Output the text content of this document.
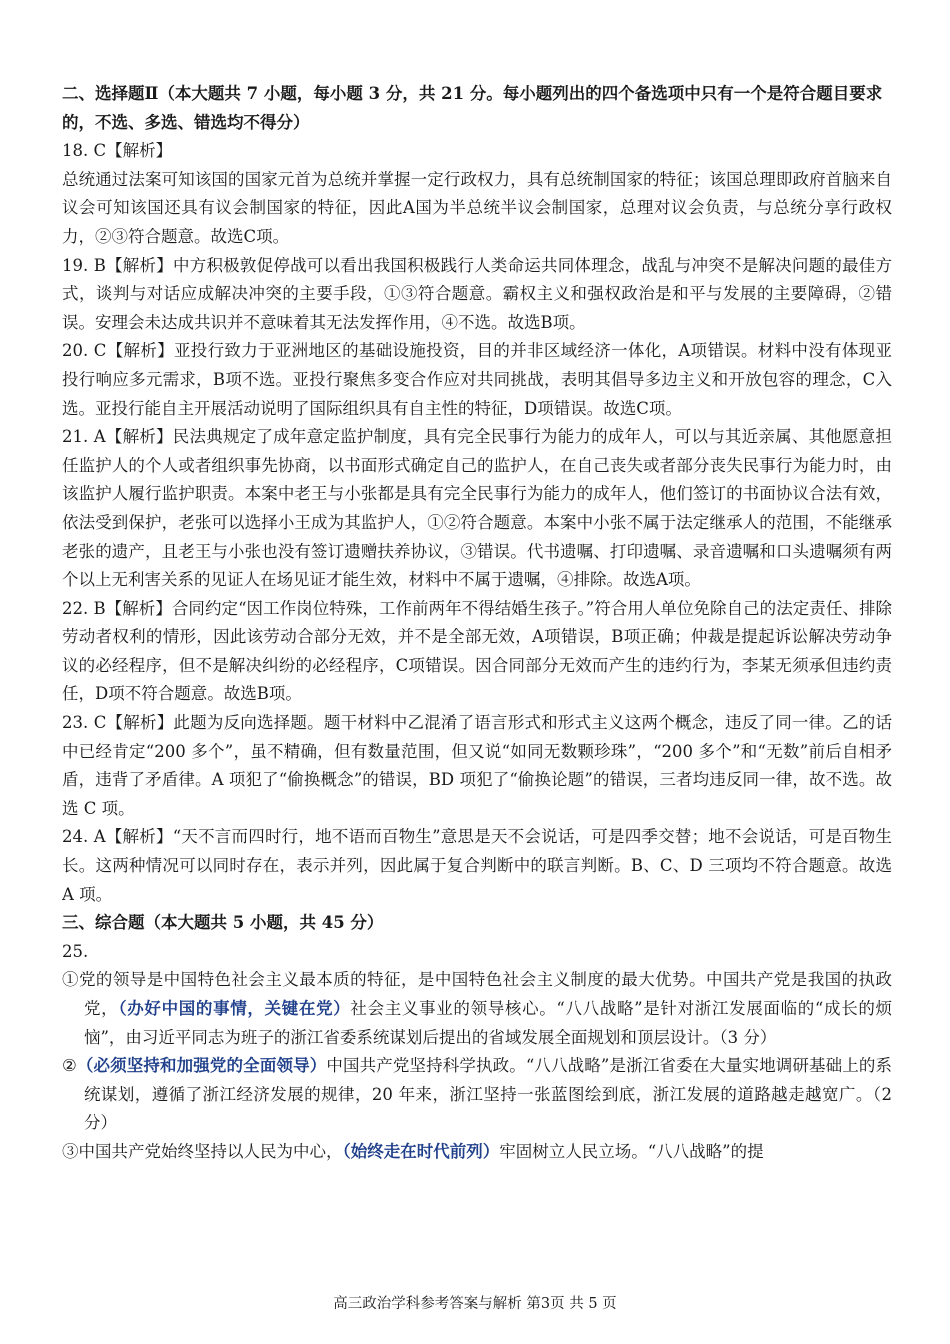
二、选择题Ⅱ（本大题共 7 小题，每小题 3 分，共 21 分。每小题列出的四个备选项中只有一个是符合题目要求的，不选、多选、错选均不得分）

18. C【解析】

总统通过法案可知该国的国家元首为总统并掌握一定行政权力，具有总统制国家的特征；该国总理即政府首脑来自议会可知该国还具有议会制国家的特征，因此A国为半总统半议会制国家，总理对议会负责，与总统分享行政权力，②③符合题意。故选C项。

19. B【解析】中方积极敦促停战可以看出我国积极践行人类命运共同体理念，战乱与冲突不是解决问题的最佳方式，谈判与对话应成解决冲突的主要手段，①③符合题意。霸权主义和强权政治是和平与发展的主要障碍，②错误。安理会未达成共识并不意味着其无法发挥作用，④不选。故选B项。

20. C【解析】亚投行致力于亚洲地区的基础设施投资，目的并非区域经济一体化，A项错误。材料中没有体现亚投行响应多元需求，B项不选。亚投行聚焦多变合作应对共同挑战，表明其倡导多边主义和开放包容的理念，C入选。亚投行能自主开展活动说明了国际组织具有自主性的特征，D项错误。故选C项。

21. A【解析】民法典规定了成年意定监护制度，具有完全民事行为能力的成年人，可以与其近亲属、其他愿意担任监护人的个人或者组织事先协商，以书面形式确定自己的监护人，在自己丧失或者部分丧失民事行为能力时，由该监护人履行监护职责。本案中老王与小张都是具有完全民事行为能力的成年人，他们签订的书面协议合法有效，依法受到保护，老张可以选择小王成为其监护人，①②符合题意。本案中小张不属于法定继承人的范围，不能继承老张的遗产，且老王与小张也没有签订遗赠扶养协议，③错误。代书遗嘱、打印遗嘱、录音遗嘱和口头遗嘱须有两个以上无利害关系的见证人在场见证才能生效，材料中不属于遗嘱，④排除。故选A项。

22. B【解析】合同约定“因工作岗位特殊，工作前两年不得结婚生孩子。”符合用人单位免除自己的法定责任、排除劳动者权利的情形，因此该劳动合部分无效，并不是全部无效，A项错误，B项正确；仲裁是提起诉讼解决劳动争议的必经程序，但不是解决纠纷的必经程序，C项错误。因合同部分无效而产生的违约行为，李某无须承但违约责任，D项不符合题意。故选B项。

23. C【解析】此题为反向选择题。题干材料中乙混淆了语言形式和形式主义这两个概念，违反了同一律。乙的话中已经肯定“200 多个”，虽不精确，但有数量范围，但又说“如同无数颗珍珠”，“200 多个”和“无数”前后自相矛盾，违背了矛盾律。A 项犯了“偷换概念”的错误，BD 项犯了“偷换论题”的错误，三者均违反同一律，故不选。故选 C 项。

24. A【解析】“天不言而四时行，地不语而百物生”意思是天不会说话，可是四季交替；地不会说话，可是百物生长。这两种情况可以同时存在，表示并列，因此属于复合判断中的联言判断。B、C、D 三项均不符合题意。故选 A 项。

三、综合题（本大题共 5 小题，共 45 分）

25.

①党的领导是中国特色社会主义最本质的特征，是中国特色社会主义制度的最大优势。中国共产党是我国的执政党，（办好中国的事情，关键在党）社会主义事业的领导核心。“八八战略”是针对浙江发展面临的“成长的烦恼”，由习近平同志为班子的浙江省委系统谋划后提出的省域发展全面规划和顶层设计。（3 分）

②（必须坚持和加强党的全面领导）中国共产党坚持科学执政。“八八战略”是浙江省委在大量实地调研基础上的系统谋划，遵循了浙江经济发展的规律，20 年来，浙江坚持一张蓝图绘到底，浙江发展的道路越走越宽广。（2 分）

③中国共产党始终坚持以人民为中心，（始终走在时代前列）牢固树立人民立场。“八八战略”的提

高三政治学科参考答案与解析 第3页 共 5 页
